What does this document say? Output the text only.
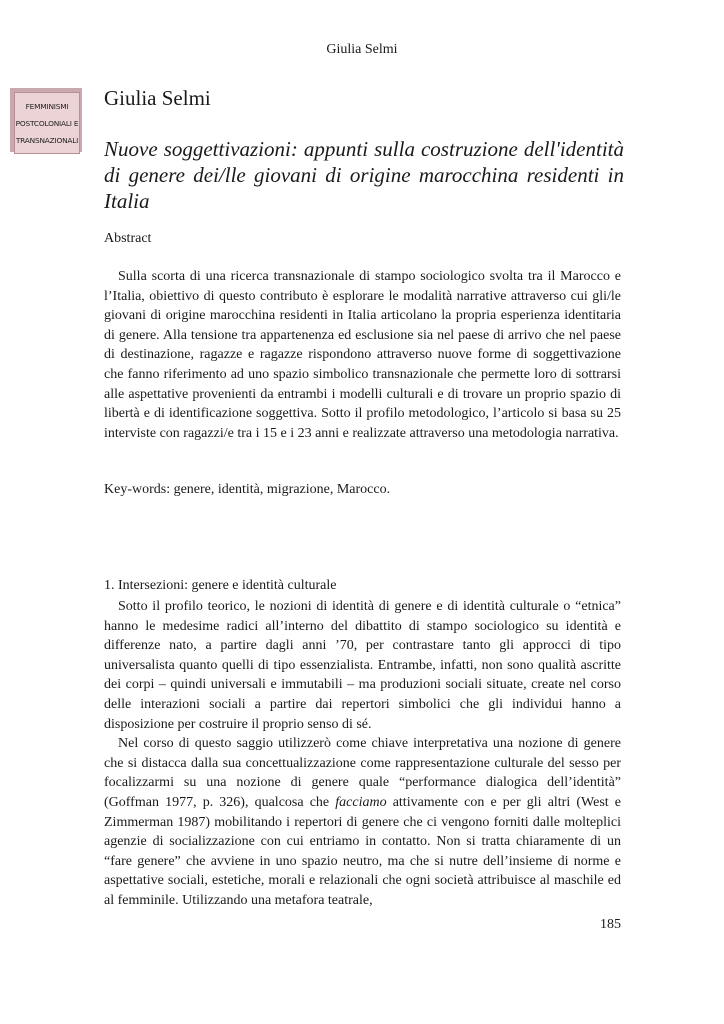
Giulia Selmi
FEMMINISMI
POSTCOLONIALI E
TRANSNAZIONALI
Giulia Selmi
Nuove soggettivazioni: appunti sulla costruzione dell'identità di genere dei/lle giovani di origine marocchina residenti in Italia
Abstract

Sulla scorta di una ricerca transnazionale di stampo sociologico svolta tra il Marocco e l’Italia, obiettivo di questo contributo è esplorare le modalità narrative attraverso cui gli/le giovani di origine marocchina residenti in Italia articolano la propria esperienza identitaria di genere. Alla tensione tra appartenenza ed esclusione sia nel paese di arrivo che nel paese di destinazione, ragazze e ragazze rispondono attraverso nuove forme di soggettivazione che fanno riferimento ad uno spazio simbolico transnazionale che permette loro di sottrarsi alle aspettative provenienti da entrambi i modelli culturali e di trovare un proprio spazio di libertà e di identificazione soggettiva. Sotto il profilo metodologico, l’articolo si basa su 25 interviste con ragazzi/e tra i 15 e i 23 anni e realizzate attraverso una metodologia narrativa.

Key-words: genere, identità, migrazione, Marocco.
1. Intersezioni: genere e identità culturale

Sotto il profilo teorico, le nozioni di identità di genere e di identità culturale o “etnica” hanno le medesime radici all’interno del dibattito di stampo sociologico su identità e differenze nato, a partire dagli anni ’70, per contrastare tanto gli approcci di tipo universalista quanto quelli di tipo essenzialista. Entrambe, infatti, non sono qualità ascritte dei corpi – quindi universali e immutabili – ma produzioni sociali situate, create nel corso delle interazioni sociali a partire dai repertori simbolici che gli individui hanno a disposizione per costruire il proprio senso di sé.

Nel corso di questo saggio utilizzerò come chiave interpretativa una nozione di genere che si distacca dalla sua concettualizzazione come rappresentazione culturale del sesso per focalizzarmi su una nozione di genere quale “performance dialogica dell’identità” (Goffman 1977, p. 326), qualcosa che facciamo attivamente con e per gli altri (West e Zimmerman 1987) mobilitando i repertori di genere che ci vengono forniti dalle molteplici agenzie di socializzazione con cui entriamo in contatto. Non si tratta chiaramente di un “fare genere” che avviene in uno spazio neutro, ma che si nutre dell’insieme di norme e aspettative sociali, estetiche, morali e relazionali che ogni società attribuisce al maschile ed al femminile. Utilizzando una metafora teatrale,

185
